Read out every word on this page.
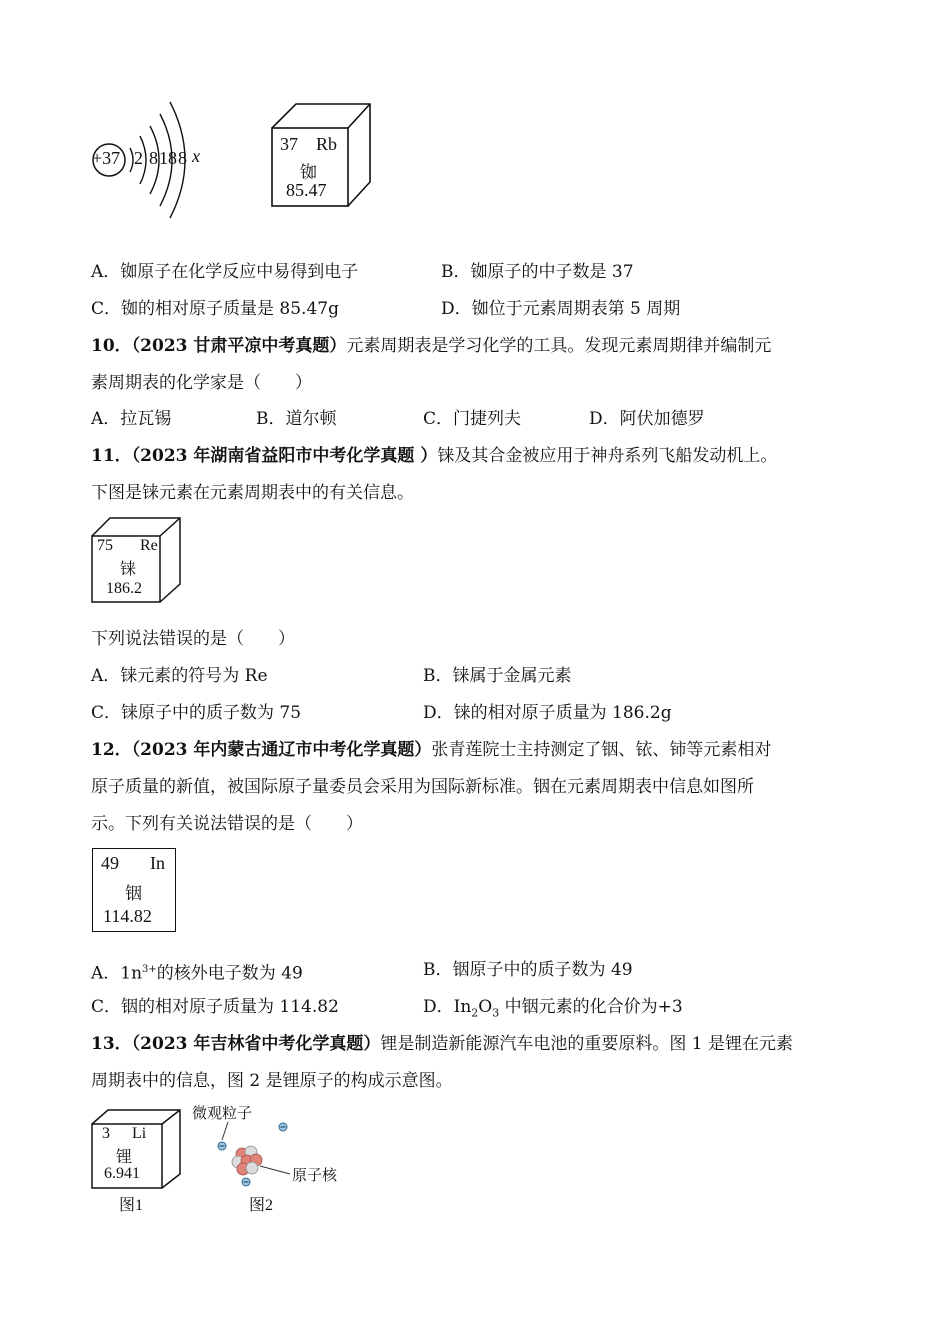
+37 2 8 18 8 x
37 Rb
铷
85.47
A．铷原子在化学反应中易得到电子	B．铷原子的中子数是 37
C．铷的相对原子质量是 85.47g	D．铷位于元素周期表第 5 周期
10．（2023 甘肃平凉中考真题）元素周期表是学习化学的工具。发现元素周期律并编制元
素周期表的化学家是（　　）
A．拉瓦锡	B．道尔顿	C．门捷列夫	D．阿伏加德罗
11．（2023 年湖南省益阳市中考化学真题 ）铼及其合金被应用于神舟系列飞船发动机上。
下图是铼元素在元素周期表中的有关信息。
75 Re
铼
186.2
下列说法错误的是（　　）
A．铼元素的符号为 Re	B．铼属于金属元素
C．铼原子中的质子数为 75	D．铼的相对原子质量为 186.2g
12．（2023 年内蒙古通辽市中考化学真题）张青莲院士主持测定了铟、铱、铈等元素相对
原子质量的新值，被国际原子量委员会采用为国际新标准。铟在元素周期表中信息如图所
示。下列有关说法错误的是（　　）
49 In
铟
114.82
A．$1n^{3+}$的核外电子数为 49	B．铟原子中的质子数为 49
C．铟的相对原子质量为 114.82	D．$In_2O_3$ 中铟元素的化合价为+3
13．（2023 年吉林省中考化学真题）锂是制造新能源汽车电池的重要原料。图 1 是锂在元素
周期表中的信息，图 2 是锂原子的构成示意图。
3 Li
锂
6.941
图1
微观粒子
原子核
图2
